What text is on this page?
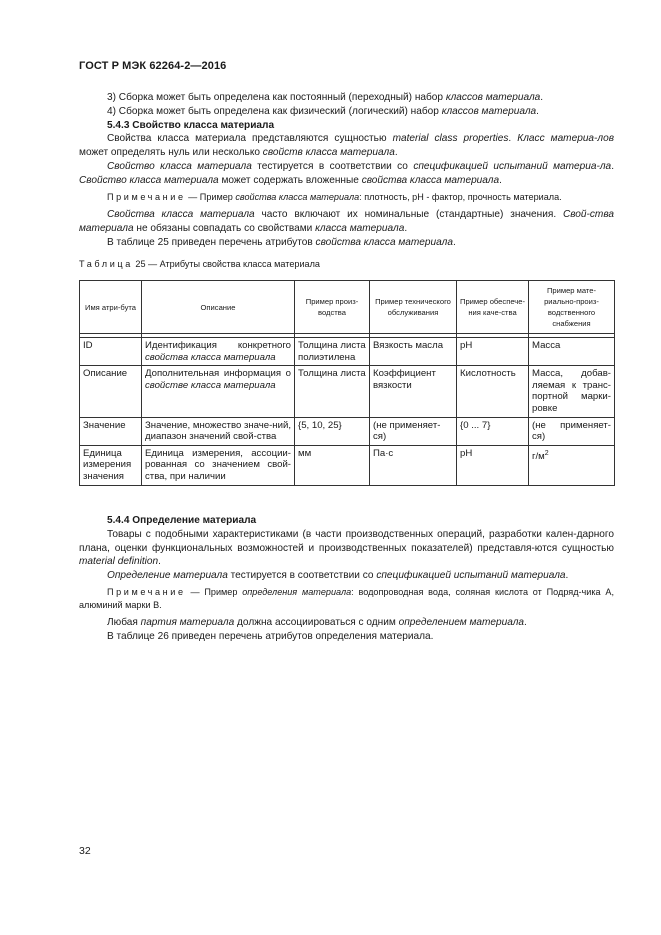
ГОСТ Р МЭК 62264-2—2016

3) Сборка может быть определена как постоянный (переходный) набор классов материала.

4) Сборка может быть определена как физический (логический) набор классов материала.

5.4.3 Свойство класса материала

Свойства класса материала представляются сущностью material class properties. Класс материа-лов может определять нуль или несколько свойств класса материала.

Свойство класса материала тестируется в соответствии со спецификацией испытаний материа-ла. Свойство класса материала может содержать вложенные свойства класса материала.

Примечание — Пример свойства класса материала: плотность, рН - фактор, прочность материала.

Свойства класса материала часто включают их номинальные (стандартные) значения. Свой-ства материала не обязаны совпадать со свойствами класса материала.

В таблице 25 приведен перечень атрибутов свойства класса материала.

Таблица 25 — Атрибуты свойства класса материала
Имя атри-бута	Описание	Пример произ-водства	Пример технического обслуживания	Пример обеспече-ния каче-ства	Пример мате-риально-произ-водственного снабжения

ID	Идентификация конкретного свойства класса материала	Толщина листа полиэтилена	Вязкость масла	рН	Масса
Описание	Дополнительная информация о свойстве класса материала	Толщина листа	Коэффициент вязкости	Кислотность	Масса, добав-ляемая к транс-портной марки-ровке
Значение	Значение, множество значе-ний, диапазон значений свой-ства	{5, 10, 25}	(не применяет-ся)	{0 ... 7}	(не применяет-ся)
Единица измерения значения	Единица измерения, ассоции-рованная со значением свой-ства, при наличии	мм	Па·с	рН	$г/м^2$

5.4.4 Определение материала

Товары с подобными характеристиками (в части производственных операций, разработки кален-дарного плана, оценки функциональных возможностей и производственных показателей) представля-ются сущностью material definition.

Определение материала тестируется в соответствии со спецификацией испытаний материала.

Примечание — Пример определения материала: водопроводная вода, соляная кислота от Подряд-чика А, алюминий марки В.

Любая партия материала должна ассоциироваться с одним определением материала.

В таблице 26 приведен перечень атрибутов определения материала.

32
